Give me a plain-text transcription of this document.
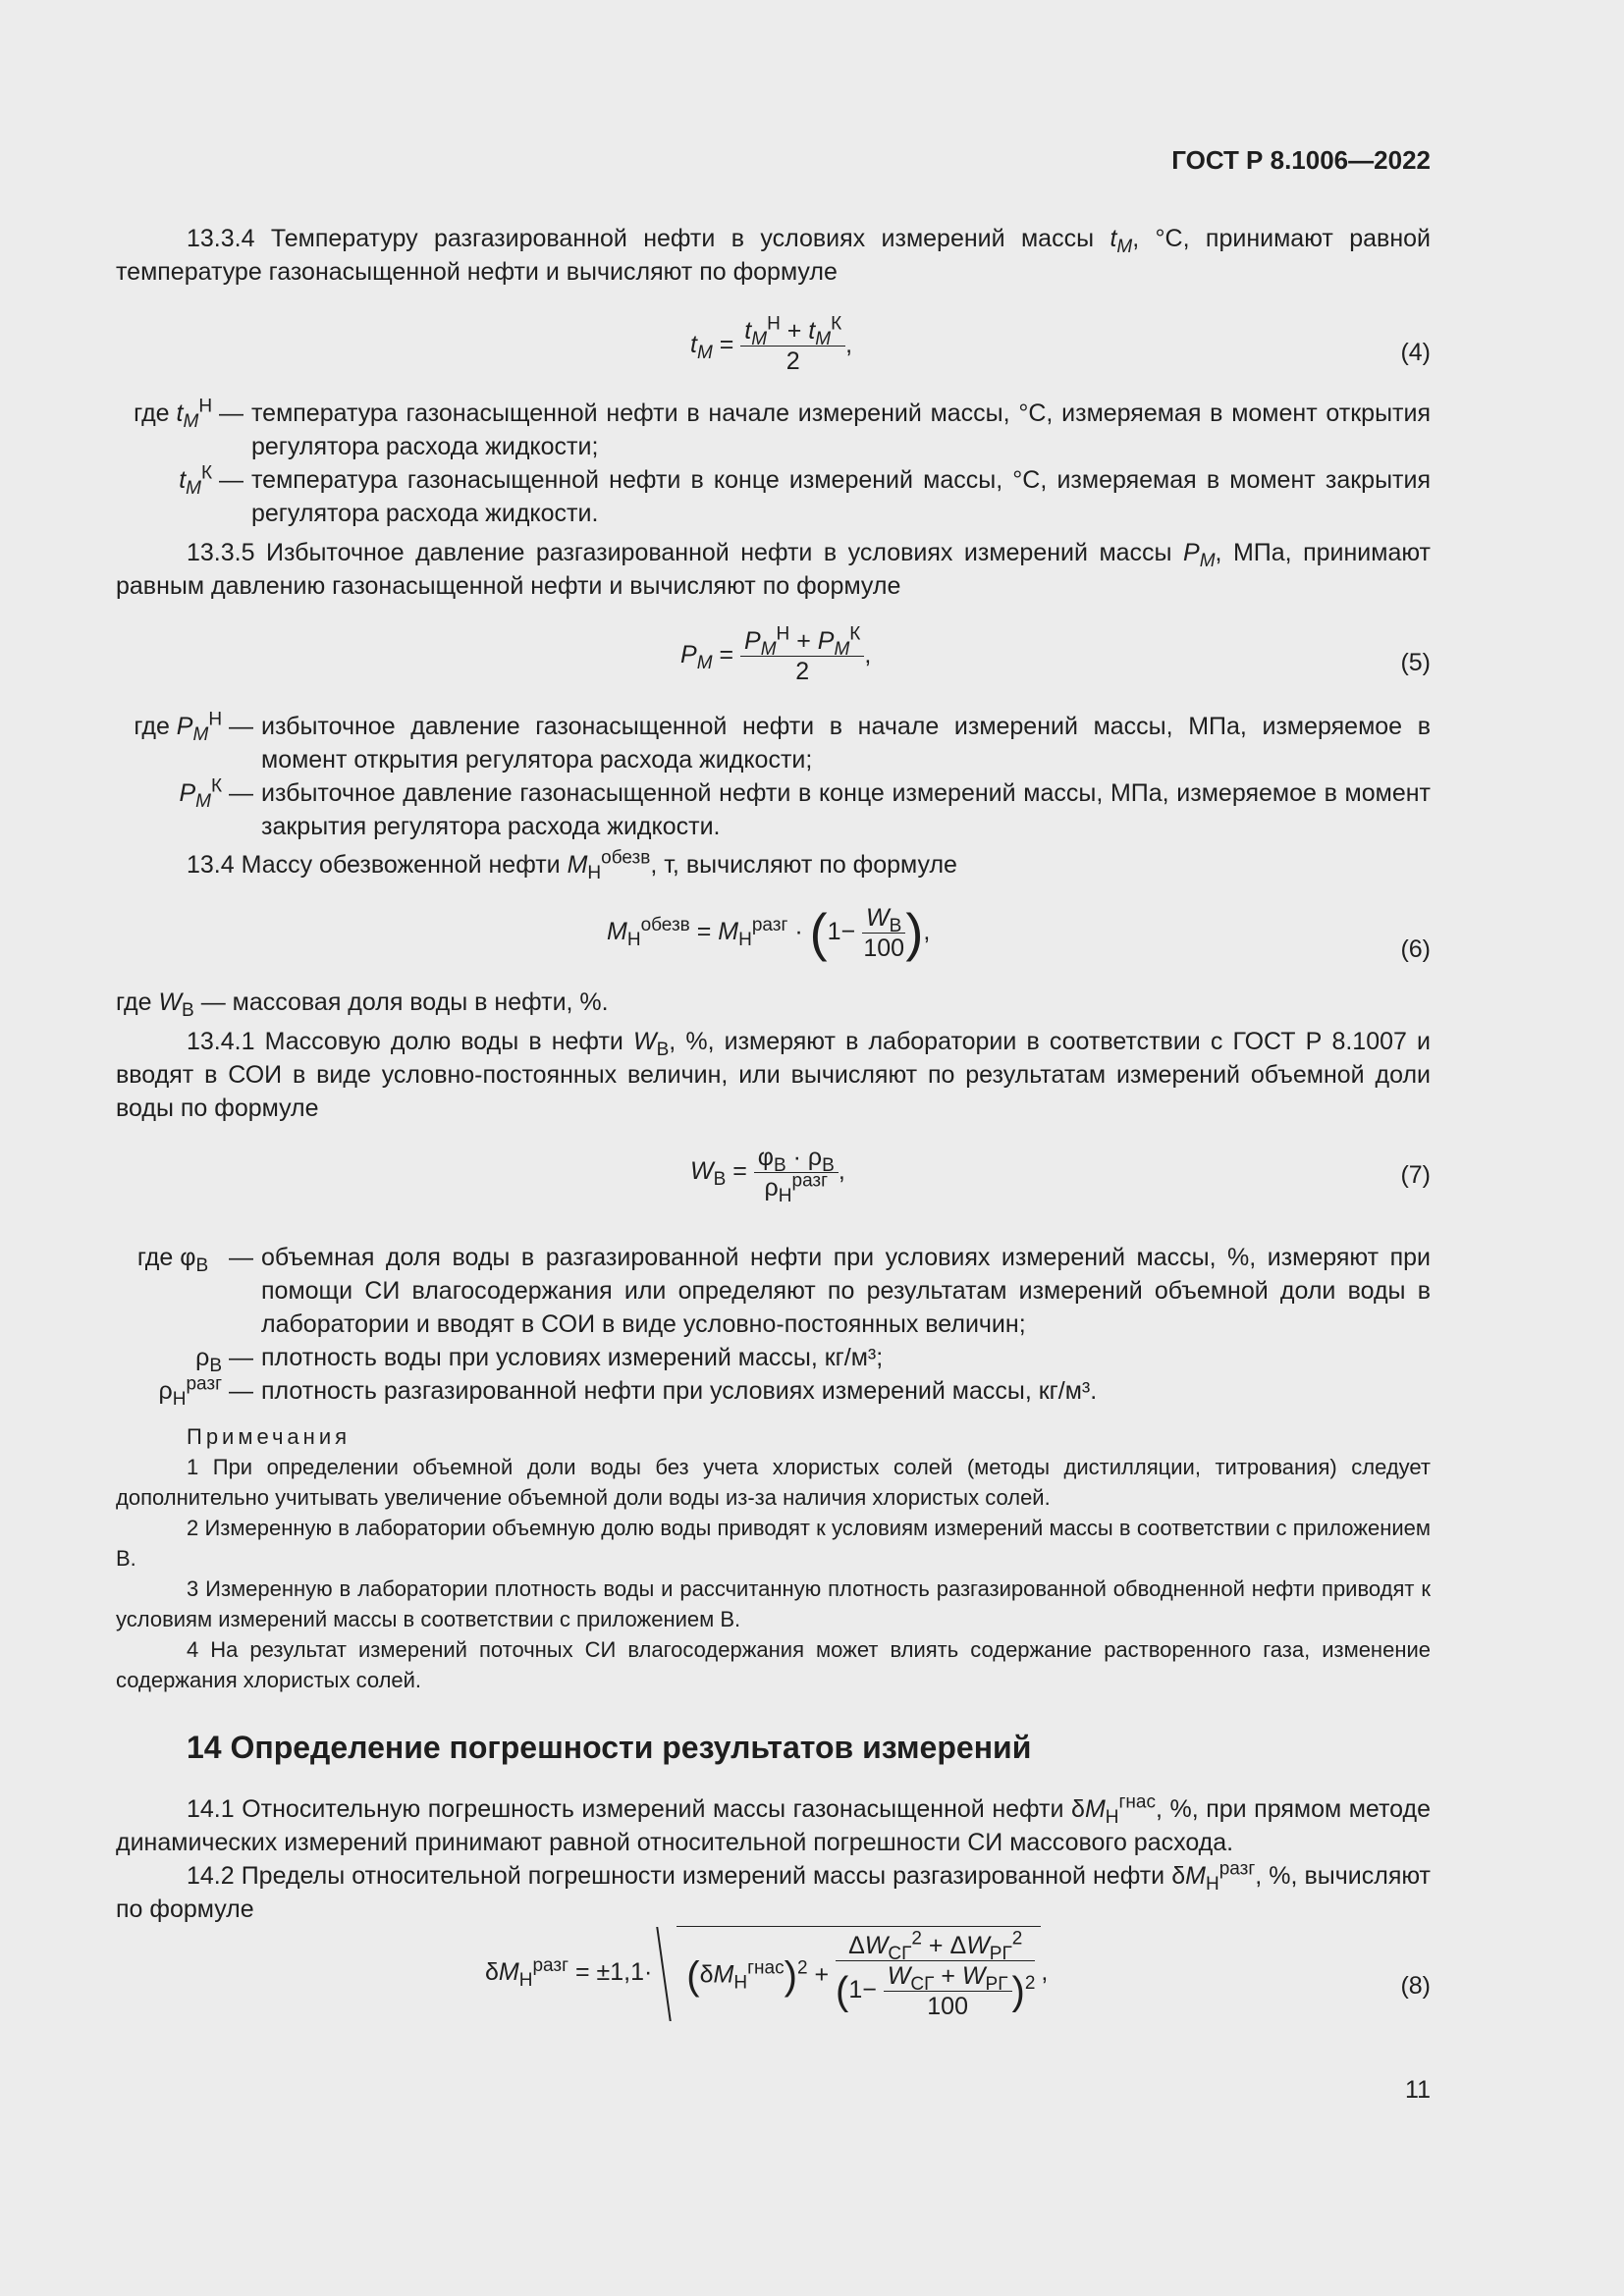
ГОСТ Р 8.1006—2022
13.3.4 Температуру разгазированной нефти в условиях измерений массы $t_M$, °C, принимают равной температуре газонасыщенной нефти и вычисляют по формуле
$t_M = \frac{t_M^Н + t_M^К}{2}$ ,	(4)
где $t_M^Н$ — температура газонасыщенной нефти в начале измерений массы, °C, измеряемая в момент открытия регулятора расхода жидкости;
$t_M^К$ — температура газонасыщенной нефти в конце измерений массы, °C, измеряемая в момент закрытия регулятора расхода жидкости.
13.3.5 Избыточное давление разгазированной нефти в условиях измерений массы $P_M$, МПа, принимают равным давлению газонасыщенной нефти и вычисляют по формуле
$P_M = \frac{P_M^Н + P_M^К}{2}$ ,	(5)
где $P_M^Н$ — избыточное давление газонасыщенной нефти в начале измерений массы, МПа, измеряемое в момент открытия регулятора расхода жидкости;
$P_M^К$ — избыточное давление газонасыщенной нефти в конце измерений массы, МПа, измеряемое в момент закрытия регулятора расхода жидкости.
13.4 Массу обезвоженной нефти $M_Н^{обезв}$, т, вычисляют по формуле
$M_Н^{обезв} = M_Н^{разг} \cdot (1- \frac{W_В}{100}$ ),
(6)
где $W_В$ — массовая доля воды в нефти, %.
13.4.1 Массовую долю воды в нефти $W_В$, %, измеряют в лаборатории в соответствии с ГОСТ Р 8.1007 и вводят в СОИ в виде условно-постоянных величин, или вычисляют по результатам измерений объемной доли воды по формуле
$W_В = \frac{\varphi_В \cdot \rho_В}{\rho_Н^{разг}}$ ,	(7)
где $\varphi_В$   — объемная доля воды в разгазированной нефти при условиях измерений массы, %, измеряют при помощи СИ влагосодержания или определяют по результатам измерений объемной доли воды в лаборатории и вводят в СОИ в виде условно-постоянных величин;
$\rho_В$ — плотность воды при условиях измерений массы, кг/м³;
$\rho_Н^{разг}$ — плотность разгазированной нефти при условиях измерений массы, кг/м³.
Примечания
1 При определении объемной доли воды без учета хлористых солей (методы дистилляции, титрования) следует дополнительно учитывать увеличение объемной доли воды из-за наличия хлористых солей.
2 Измеренную в лаборатории объемную долю воды приводят к условиям измерений массы в соответствии с приложением В.
3 Измеренную в лаборатории плотность воды и рассчитанную плотность разгазированной обводненной нефти приводят к условиям измерений массы в соответствии с приложением В.
4 На результат измерений поточных СИ влагосодержания может влиять содержание растворенного газа, изменение содержания хлористых солей.
14 Определение погрешности результатов измерений
14.1 Относительную погрешность измерений массы газонасыщенной нефти $\delta M_Н^{гнас}$, %, при прямом методе динамических измерений принимают равной относительной погрешности СИ массового расхода.
14.2 Пределы относительной погрешности измерений массы разгазированной нефти $\delta M_Н^{разг}$, %, вычисляют по формуле
$\delta M_Н^{разг} = \pm 1,1\cdot (\delta M_Н^{гнас})^2 + \frac{\Delta W_{СГ}^2 + \Delta W_{РГ}^2}{(1- \frac{W_{СГ} + W_{РГ}}{100} )^2}$ ,	(8)
11
